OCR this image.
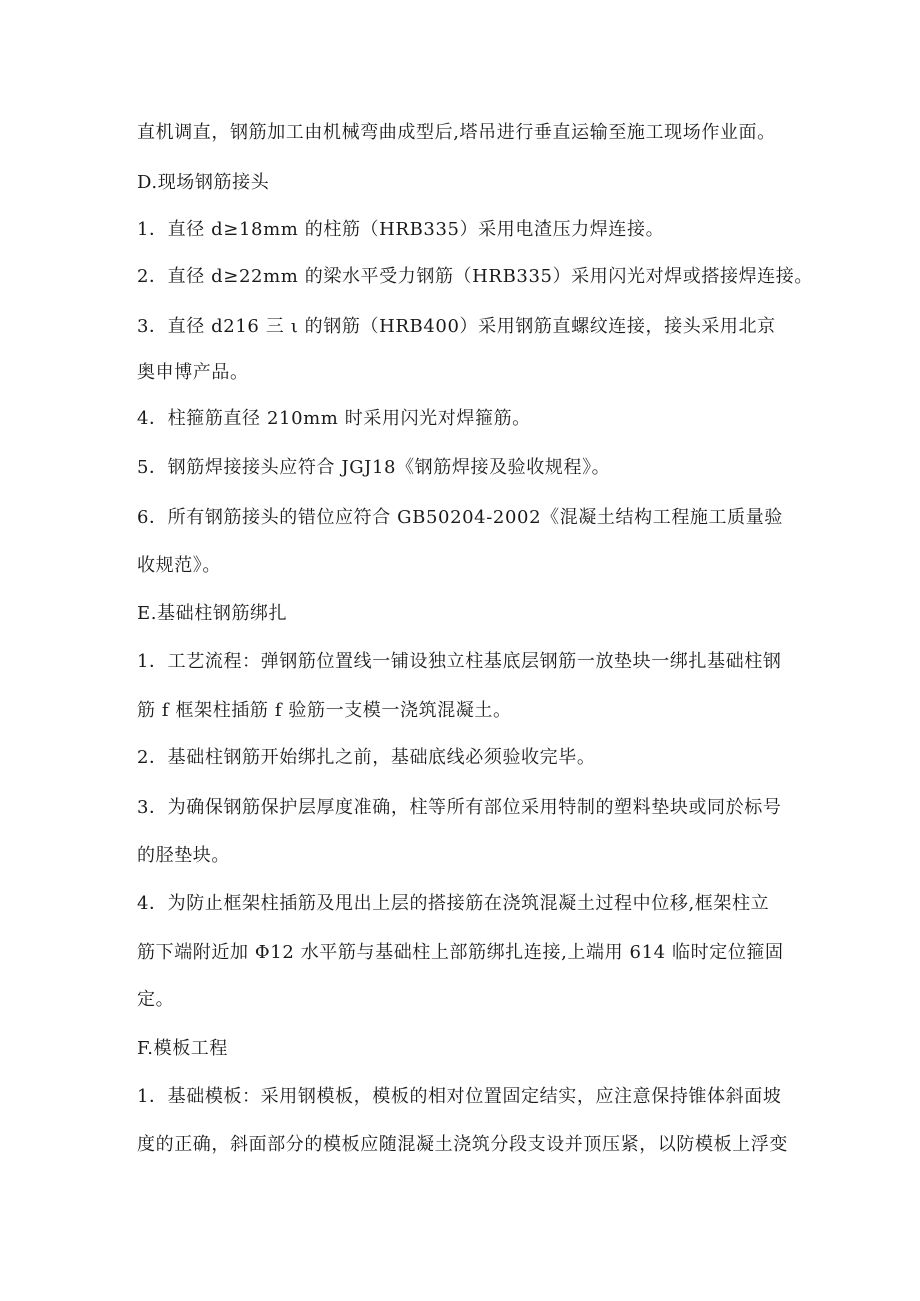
直机调直，钢筋加工由机械弯曲成型后,塔吊进行垂直运输至施工现场作业面。
D.现场钢筋接头
1．直径 d≥18mm 的柱筋（HRB335）采用电渣压力焊连接。
2．直径 d≥22mm 的梁水平受力钢筋（HRB335）采用闪光对焊或搭接焊连接。
3．直径 d216 三 ι 的钢筋（HRB400）采用钢筋直螺纹连接，接头采用北京
奥申博产品。
4．柱箍筋直径 210mm 时采用闪光对焊箍筋。
5．钢筋焊接接头应符合 JGJ18《钢筋焊接及验收规程》。
6．所有钢筋接头的错位应符合 GB50204-2002《混凝土结构工程施工质量验
收规范》。
E.基础柱钢筋绑扎
1．工艺流程：弹钢筋位置线一铺设独立柱基底层钢筋一放垫块一绑扎基础柱钢
筋 f 框架柱插筋 f 验筋一支模一浇筑混凝土。
2．基础柱钢筋开始绑扎之前，基础底线必须验收完毕。
3．为确保钢筋保护层厚度准确，柱等所有部位采用特制的塑料垫块或同於标号
的胫垫块。
4．为防止框架柱插筋及甩出上层的搭接筋在浇筑混凝土过程中位移,框架柱立
筋下端附近加 Φ12 水平筋与基础柱上部筋绑扎连接,上端用 614 临时定位箍固
定。
F.模板工程
1．基础模板：采用钢模板，模板的相对位置固定结实，应注意保持锥体斜面坡
度的正确，斜面部分的模板应随混凝土浇筑分段支设并顶压紧，以防模板上浮变
